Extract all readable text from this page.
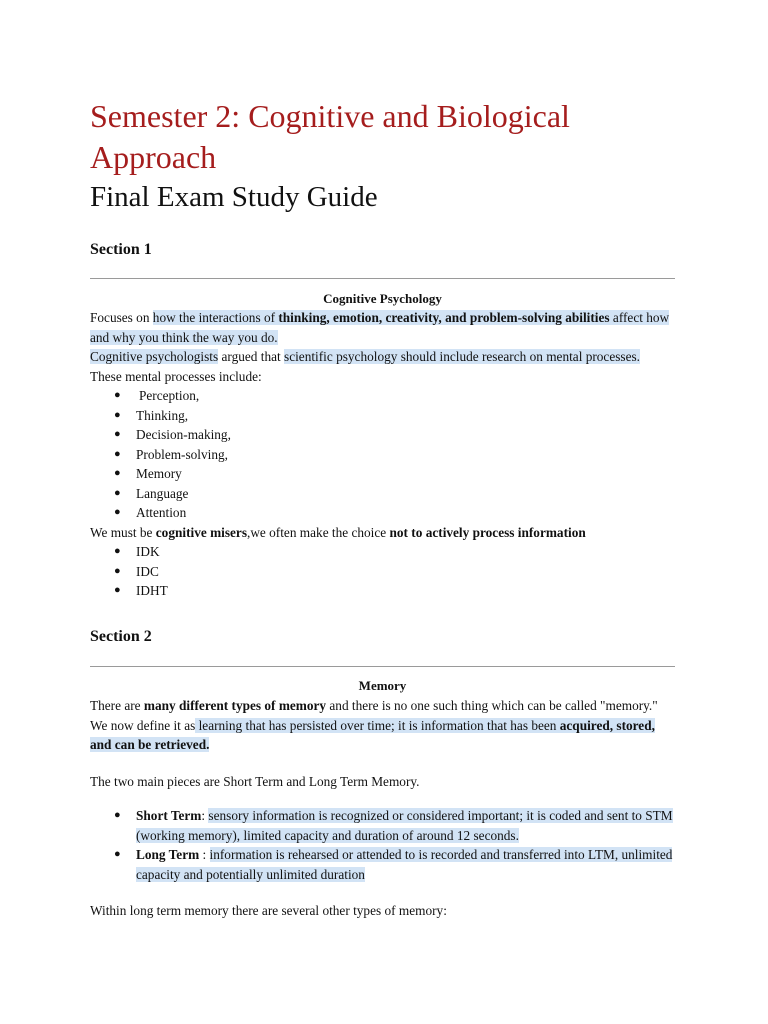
Semester 2: Cognitive and Biological Approach
Final Exam Study Guide
Section 1
Cognitive Psychology

Focuses on how the interactions of thinking, emotion, creativity, and problem-solving abilities affect how and why you think the way you do.

Cognitive psychologists argued that scientific psychology should include research on mental processes.

These mental processes include:

● Perception,
● Thinking,
● Decision-making,
● Problem-solving,
● Memory
● Language
● Attention

We must be cognitive misers,we often make the choice not to actively process information

● IDK
● IDC
● IDHT
Section 2
Memory

There are many different types of memory and there is no one such thing which can be called "memory." We now define it as learning that has persisted over time; it is information that has been acquired, stored, and can be retrieved.

The two main pieces are Short Term and Long Term Memory.

● Short Term: sensory information is recognized or considered important; it is coded and sent to STM (working memory), limited capacity and duration of around 12 seconds.
● Long Term : information is rehearsed or attended to is recorded and transferred into LTM, unlimited capacity and potentially unlimited duration

Within long term memory there are several other types of memory:
